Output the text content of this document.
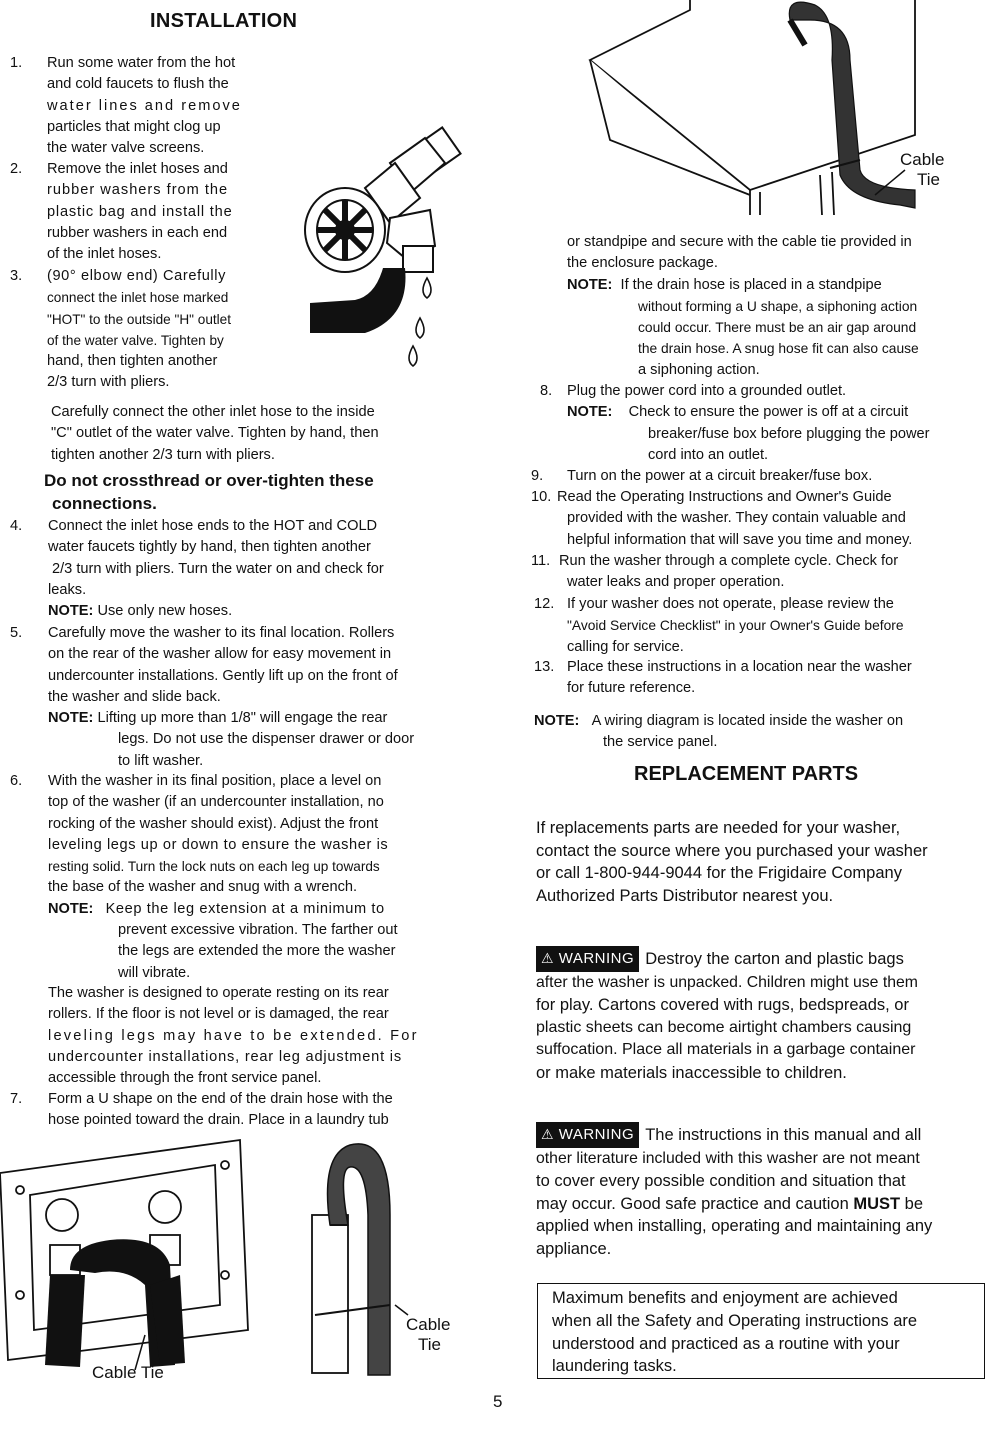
INSTALLATION
1. Run some water from the hot
and cold faucets to flush the
water lines and remove
particles that might clog up
the water valve screens.
2. Remove the inlet hoses and
rubber washers from the
plastic bag and install the
rubber washers in each end
of the inlet hoses.
3. (90° elbow end) Carefully
connect the inlet hose marked
"HOT" to the outside "H" outlet
of the water valve. Tighten by
hand, then tighten another
2/3 turn with pliers.
Carefully connect the other inlet hose to the inside
"C" outlet of the water valve. Tighten by hand, then
tighten another 2/3 turn with pliers.
Do not crossthread or over-tighten these
connections.
4. Connect the inlet hose ends to the HOT and COLD
water faucets tightly by hand, then tighten another
2/3 turn with pliers. Turn the water on and check for
leaks.
NOTE: Use only new hoses.
5. Carefully move the washer to its final location. Rollers
on the rear of the washer allow for easy movement in
undercounter installations. Gently lift up on the front of
the washer and slide back.
NOTE: Lifting up more than 1/8" will engage the rear
legs. Do not use the dispenser drawer or door
to lift washer.
6. With the washer in its final position, place a level on
top of the washer (if an undercounter installation, no
rocking of the washer should exist). Adjust the front
leveling legs up or down to ensure the washer is
resting solid. Turn the lock nuts on each leg up towards
the base of the washer and snug with a wrench.
NOTE: Keep the leg extension at a minimum to
prevent excessive vibration. The farther out
the legs are extended the more the washer
will vibrate.
The washer is designed to operate resting on its rear
rollers. If the floor is not level or is damaged, the rear
leveling legs may have to be extended. For
undercounter installations, rear leg adjustment is
accessible through the front service panel.
7. Form a U shape on the end of the drain hose with the
hose pointed toward the drain. Place in a laundry tub
Cable Tie
Cable
Tie
Cable
Tie
or standpipe and secure with the cable tie provided in
the enclosure package.
NOTE: If the drain hose is placed in a standpipe
without forming a U shape, a siphoning action
could occur. There must be an air gap around
the drain hose. A snug hose fit can also cause
a siphoning action.
8. Plug the power cord into a grounded outlet.
NOTE: Check to ensure the power is off at a circuit
breaker/fuse box before plugging the power
cord into an outlet.
9. Turn on the power at a circuit breaker/fuse box.
10. Read the Operating Instructions and Owner's Guide
provided with the washer. They contain valuable and
helpful information that will save you time and money.
11. Run the washer through a complete cycle. Check for
water leaks and proper operation.
12. If your washer does not operate, please review the
"Avoid Service Checklist" in your Owner's Guide before
calling for service.
13. Place these instructions in a location near the washer
for future reference.
NOTE: A wiring diagram is located inside the washer on
the service panel.
REPLACEMENT PARTS
If replacements parts are needed for your washer,
contact the source where you purchased your washer
or call 1-800-944-9044 for the Frigidaire Company
Authorized Parts Distributor nearest you.
⚠ WARNING Destroy the carton and plastic bags
after the washer is unpacked. Children might use them
for play. Cartons covered with rugs, bedspreads, or
plastic sheets can become airtight chambers causing
suffocation. Place all materials in a garbage container
or make materials inaccessible to children.
⚠ WARNING The instructions in this manual and all
other literature included with this washer are not meant
to cover every possible condition and situation that
may occur. Good safe practice and caution MUST be
applied when installing, operating and maintaining any
appliance.
Maximum benefits and enjoyment are achieved
when all the Safety and Operating instructions are
understood and practiced as a routine with your
laundering tasks.
5
